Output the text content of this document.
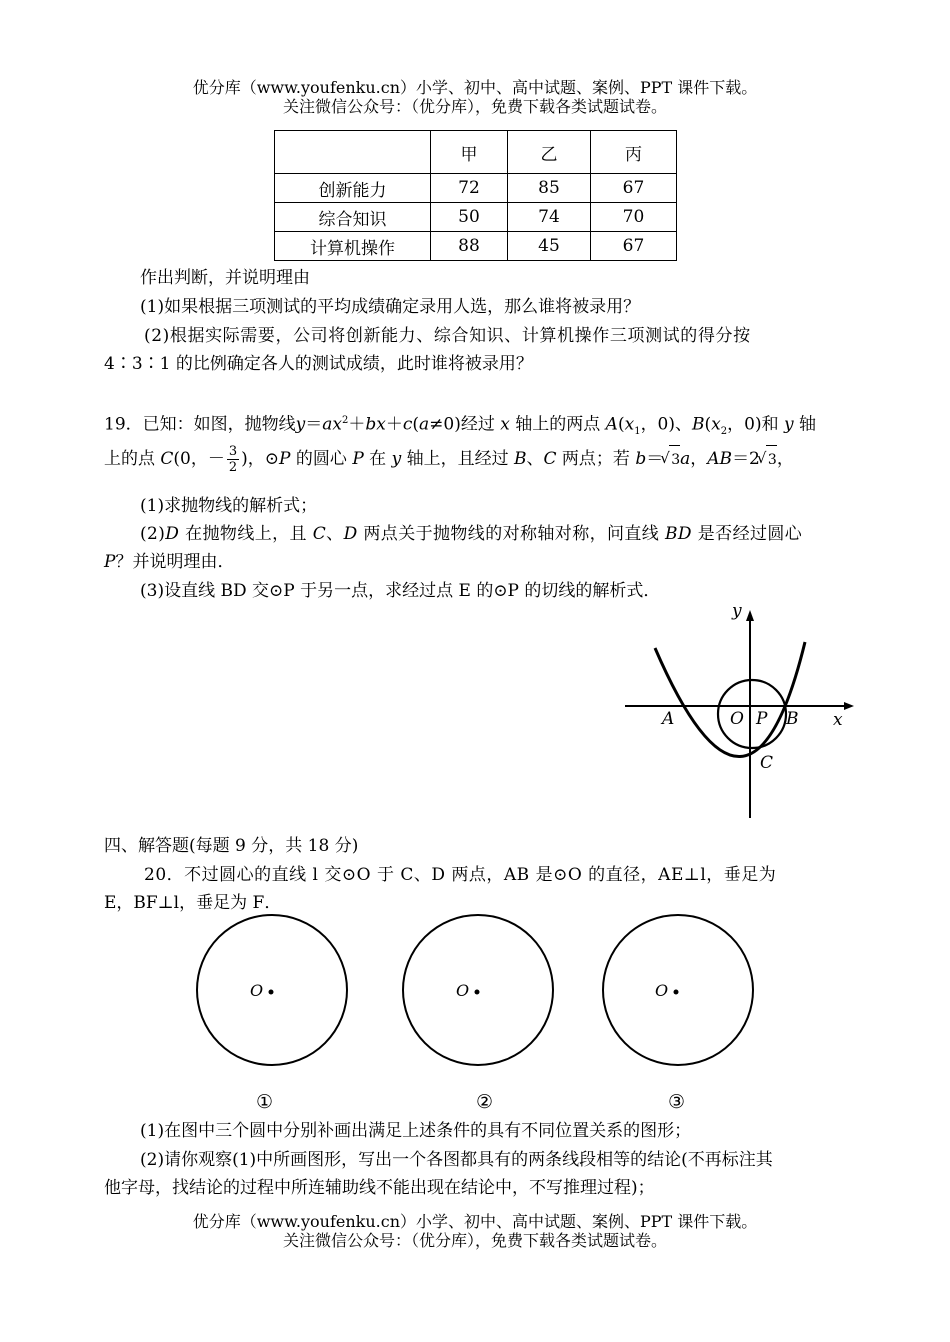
优分库（www.youfenku.cn）小学、初中、高中试题、案例、PPT 课件下载。
关注微信公众号：（优分库），免费下载各类试题试卷。
	甲	乙	丙
创新能力	72	85	67
综合知识	50	74	70
计算机操作	88	45	67
作出判断，并说明理由
(1)如果根据三项测试的平均成绩确定录用人选，那么谁将被录用？
(2)根据实际需要，公司将创新能力、综合知识、计算机操作三项测试的得分按
4∶3∶1 的比例确定各人的测试成绩，此时谁将被录用？
19．已知：如图，抛物线$y=ax^2+bx+c(a\ne 0)$经过 x 轴上的两点 $A(x_1$，0)、$B(x_2$，0)和 y 轴
上的点 C(0，－ $\frac{3}{2}$ )，⊙P 的圆心 P 在 y 轴上，且经过 B、C 两点；若 b＝ √ 3a，AB＝2 √ 3，
(1)求抛物线的解析式；
(2)D 在抛物线上，且 C、D 两点关于抛物线的对称轴对称，问直线 BD 是否经过圆心
P？并说明理由．
(3)设直线 BD 交⊙P 于另一点，求经过点 E 的⊙P 的切线的解析式．
y
x
A	O P B
C
四、解答题(每题 9 分，共 18 分)
20．不过圆心的直线 l 交⊙O 于 C、D 两点，AB 是⊙O 的直径，AE⊥l，垂足为
E，BF⊥l，垂足为 F．
O
①
O
②
O
③
(1)在图中三个圆中分别补画出满足上述条件的具有不同位置关系的图形；
(2)请你观察(1)中所画图形，写出一个各图都具有的两条线段相等的结论(不再标注其
他字母，找结论的过程中所连辅助线不能出现在结论中，不写推理过程)；
优分库（www.youfenku.cn）小学、初中、高中试题、案例、PPT 课件下载。
关注微信公众号：（优分库），免费下载各类试题试卷。
